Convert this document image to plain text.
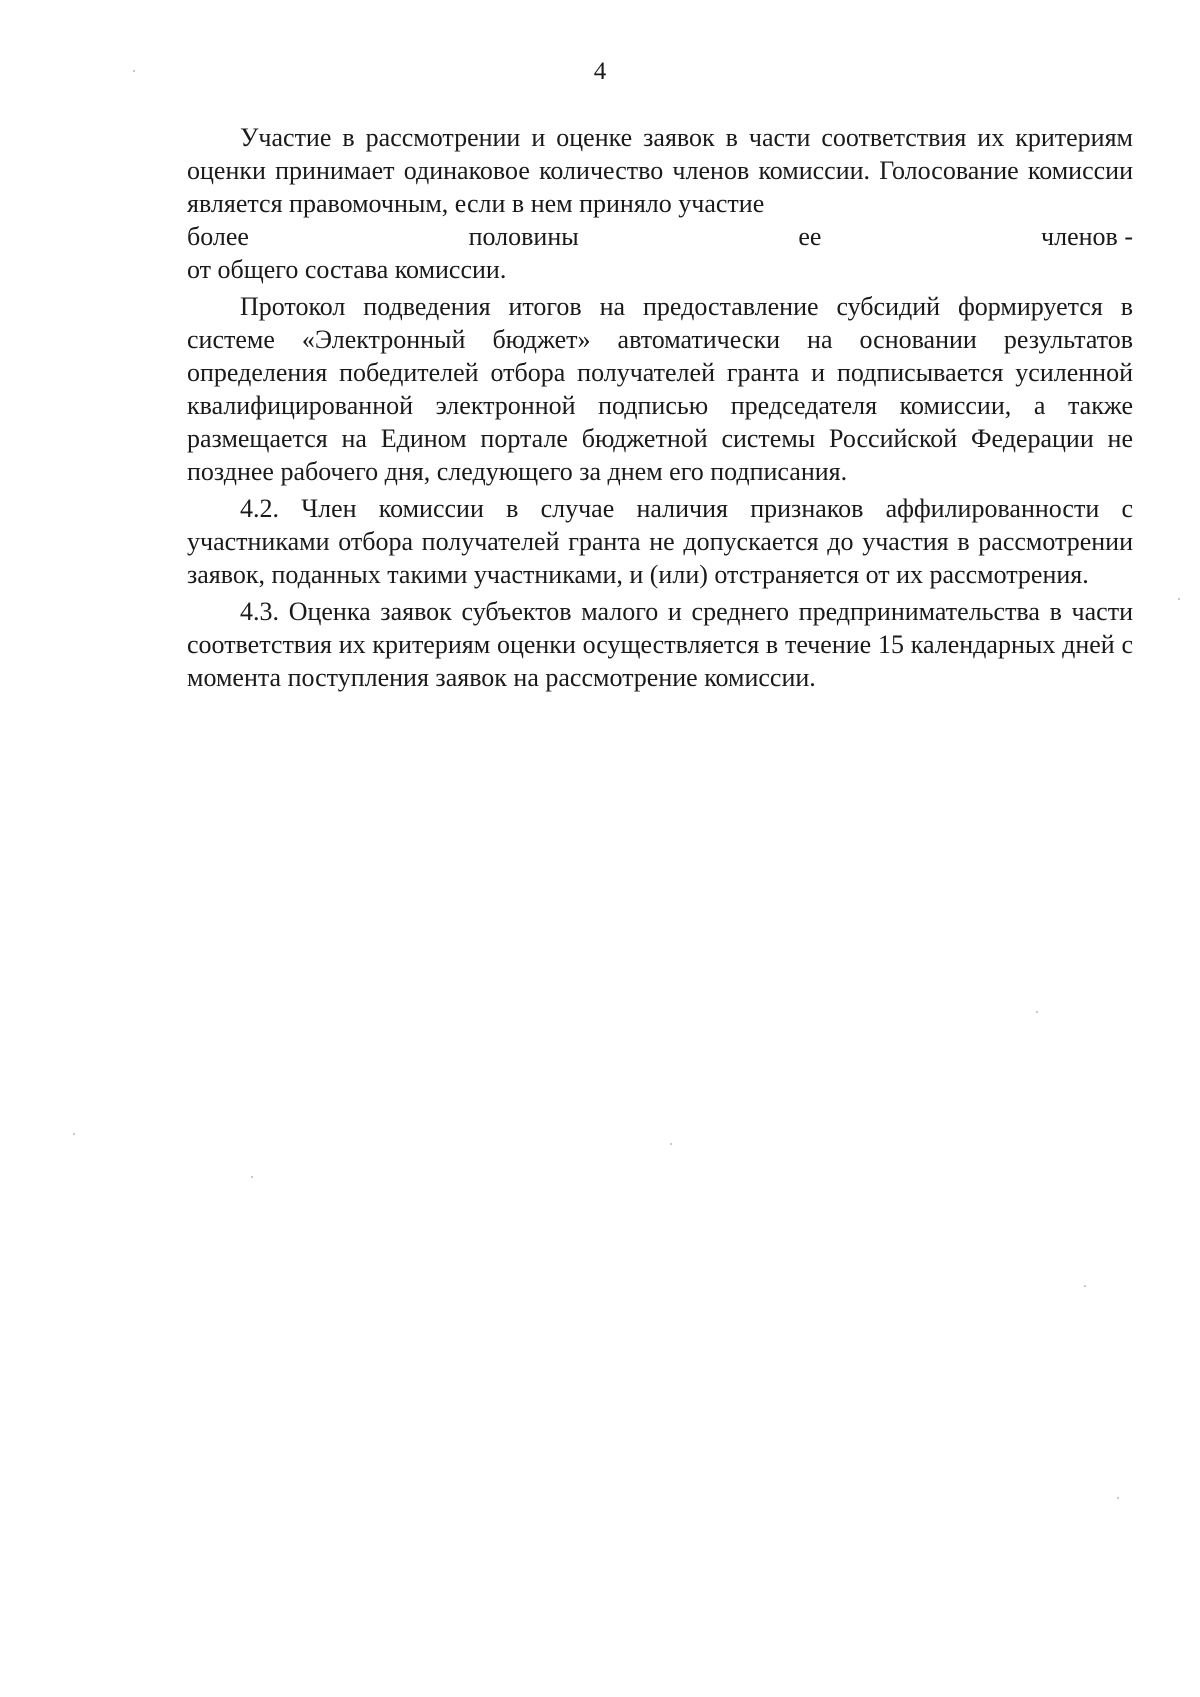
4

Участие в рассмотрении и оценке заявок в части соответствия их критериям оценки принимает одинаковое количество членов комиссии. Голосование комиссии является правомочным, если в нем приняло участие

более	половины	ее	членов -

от общего состава комиссии.

Протокол подведения итогов на предоставление субсидий формируется в системе «Электронный бюджет» автоматически на основании результатов определения победителей отбора получателей гранта и подписывается усиленной квалифицированной электронной подписью председателя комиссии, а также размещается на Едином портале бюджетной системы Российской Федерации не позднее рабочего дня, следующего за днем его подписания.

4.2. Член комиссии в случае наличия признаков аффилированности с участниками отбора получателей гранта не допускается до участия в рассмотрении заявок, поданных такими участниками, и (или) отстраняется от их рассмотрения.

4.3. Оценка заявок субъектов малого и среднего предпринимательства в части соответствия их критериям оценки осуществляется в течение 15 календарных дней с момента поступления заявок на рассмотрение комиссии.
